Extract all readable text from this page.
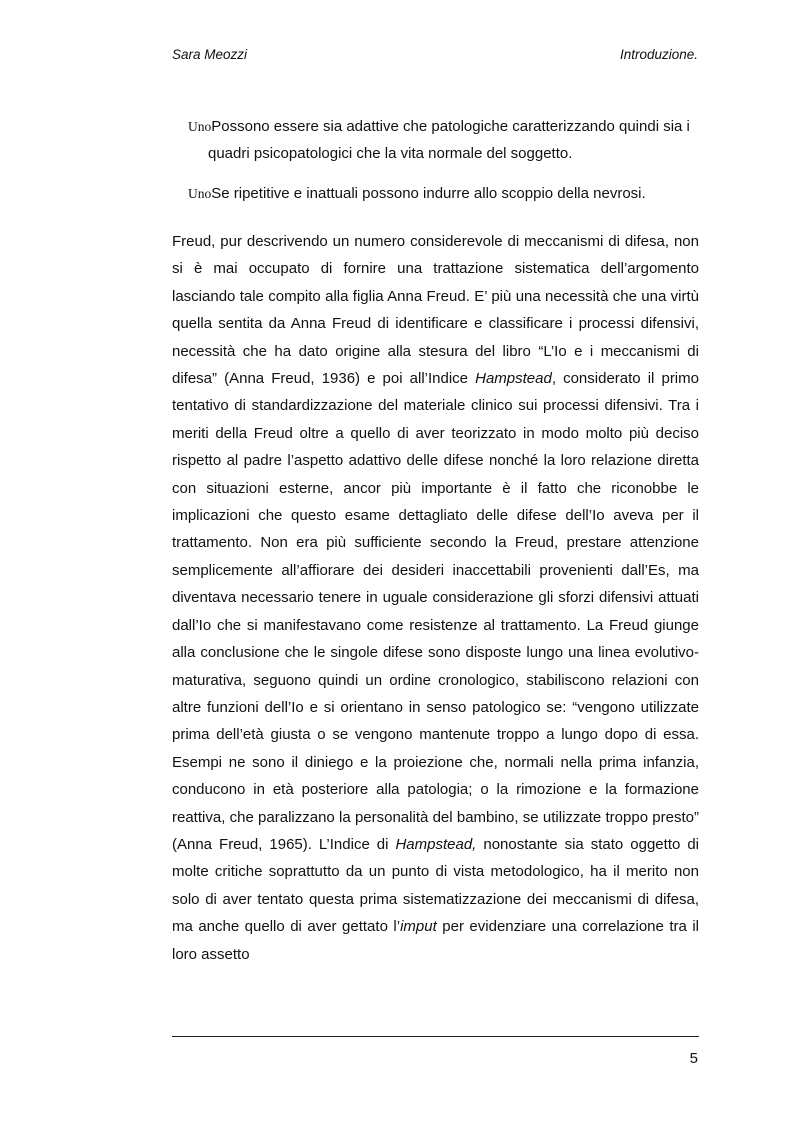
Sara Meozzi	Introduzione.

UnoPossono essere sia adattive che patologiche caratterizzando quindi sia i quadri psicopatologici che la vita normale del soggetto.

UnoSe ripetitive e inattuali possono indurre allo scoppio della nevrosi.

Freud, pur descrivendo un numero considerevole di meccanismi di difesa, non si è mai occupato di fornire una trattazione sistematica dell’argomento lasciando tale compito alla figlia Anna Freud. E’ più una necessità che una virtù quella sentita da Anna Freud di identificare e classificare i processi difensivi, necessità che ha dato origine alla stesura del libro “L’Io e i meccanismi di difesa” (Anna Freud, 1936) e poi all’Indice Hampstead, considerato il primo tentativo di standardizzazione del materiale clinico sui processi difensivi. Tra i meriti della Freud oltre a quello di aver teorizzato in modo molto più deciso rispetto al padre l’aspetto adattivo delle difese nonché la loro relazione diretta con situazioni esterne, ancor più importante è il fatto che riconobbe le implicazioni che questo esame dettagliato delle difese dell’Io aveva per il trattamento. Non era più sufficiente secondo la Freud, prestare attenzione semplicemente all’affiorare dei desideri inaccettabili provenienti dall’Es, ma diventava necessario tenere in uguale considerazione gli sforzi difensivi attuati dall’Io che si manifestavano come resistenze al trattamento. La Freud giunge alla conclusione che le singole difese sono disposte lungo una linea evolutivo-maturativa, seguono quindi un ordine cronologico, stabiliscono relazioni con altre funzioni dell’Io e si orientano in senso patologico se: “vengono utilizzate prima dell’età giusta o se vengono mantenute troppo a lungo dopo di essa. Esempi ne sono il diniego e la proiezione che, normali nella prima infanzia, conducono in età posteriore alla patologia; o la rimozione e la formazione reattiva, che paralizzano la personalità del bambino, se utilizzate troppo presto” (Anna Freud, 1965). L’Indice di Hampstead, nonostante sia stato oggetto di molte critiche soprattutto da un punto di vista metodologico, ha il merito non solo di aver tentato questa prima sistematizzazione dei meccanismi di difesa, ma anche quello di aver gettato l’imput per evidenziare una correlazione tra il loro assetto

5
